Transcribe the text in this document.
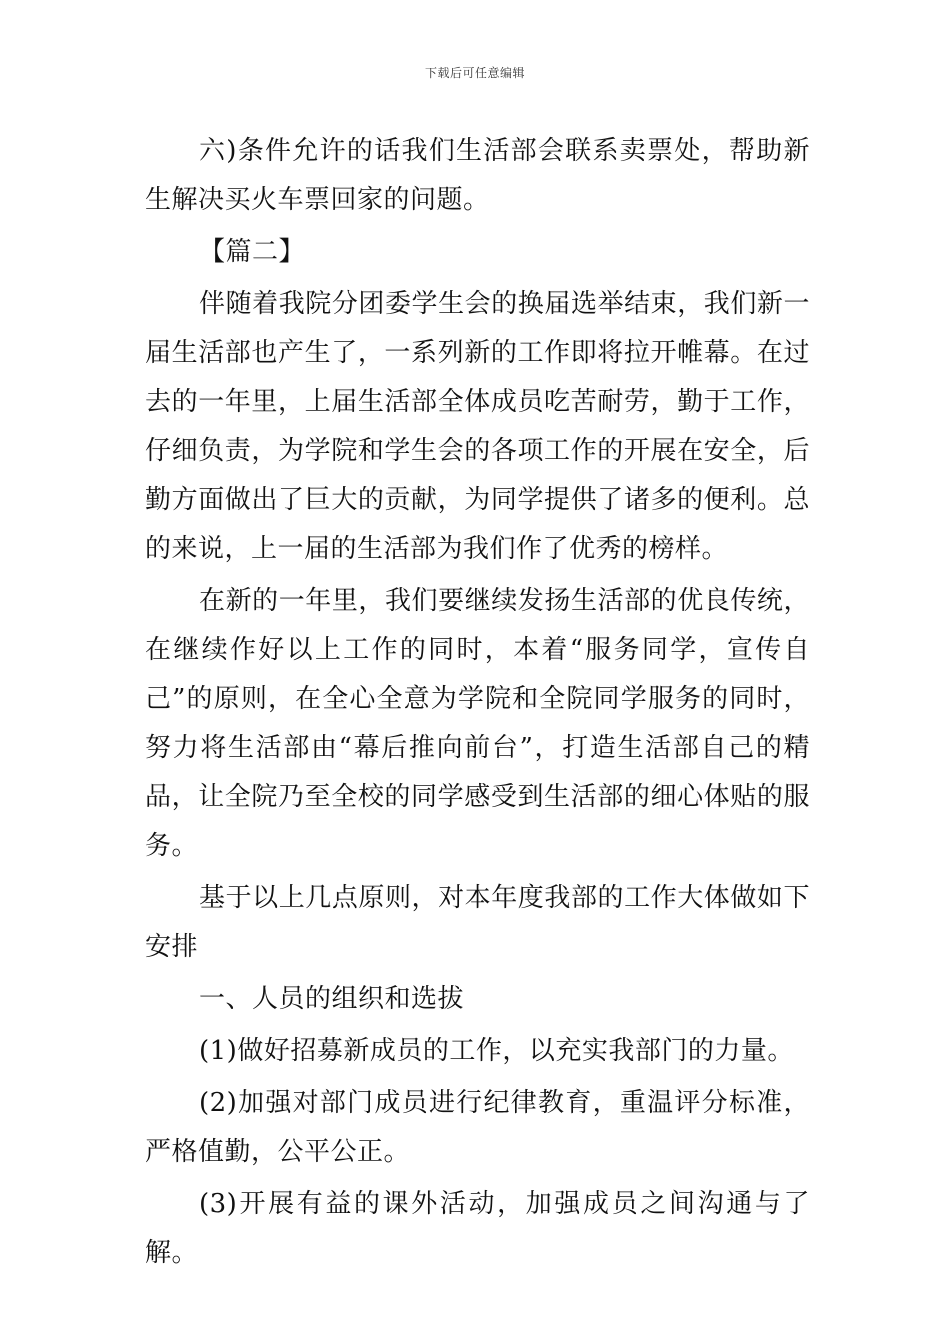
下载后可任意编辑

六)条件允许的话我们生活部会联系卖票处，帮助新生解决买火车票回家的问题。

【篇二】

伴随着我院分团委学生会的换届选举结束，我们新一届生活部也产生了，一系列新的工作即将拉开帷幕。在过去的一年里，上届生活部全体成员吃苦耐劳，勤于工作，仔细负责，为学院和学生会的各项工作的开展在安全，后勤方面做出了巨大的贡献，为同学提供了诸多的便利。总的来说，上一届的生活部为我们作了优秀的榜样。

在新的一年里，我们要继续发扬生活部的优良传统，在继续作好以上工作的同时，本着“服务同学，宣传自己”的原则，在全心全意为学院和全院同学服务的同时，努力将生活部由“幕后推向前台”，打造生活部自己的精品，让全院乃至全校的同学感受到生活部的细心体贴的服务。

基于以上几点原则，对本年度我部的工作大体做如下安排

一、人员的组织和选拔

(1)做好招募新成员的工作，以充实我部门的力量。

(2)加强对部门成员进行纪律教育，重温评分标准，严格值勤，公平公正。

(3)开展有益的课外活动，加强成员之间沟通与了解。
